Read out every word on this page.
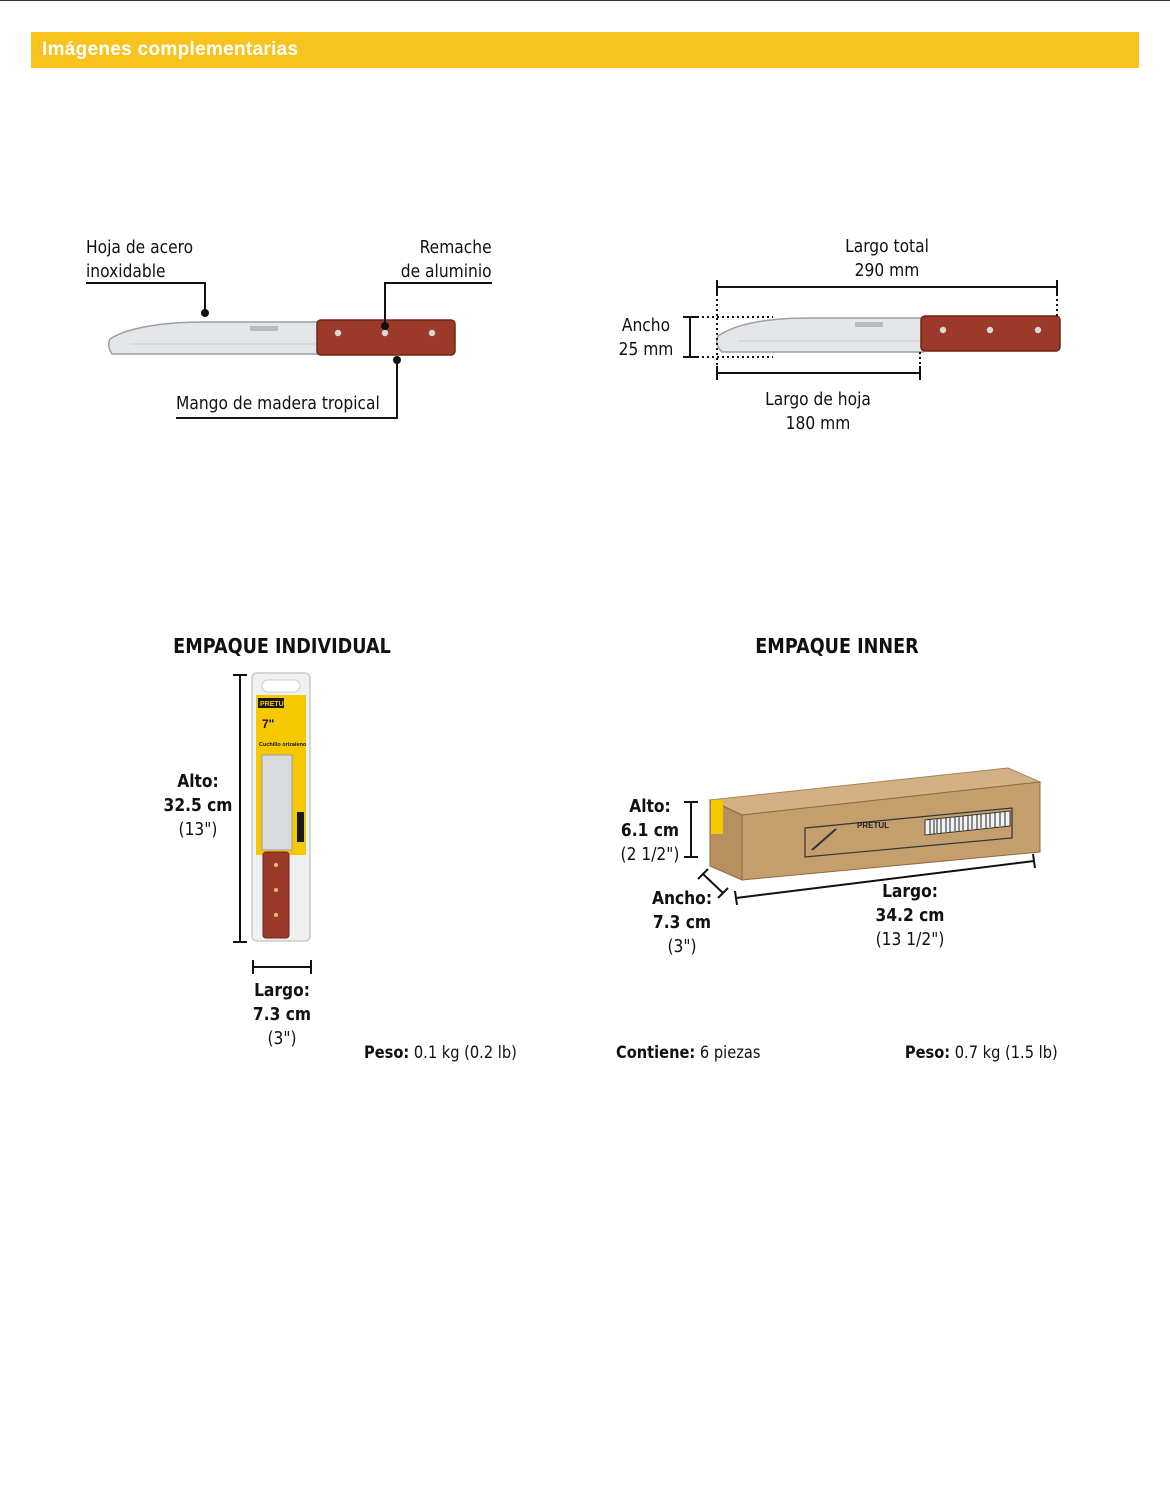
Imágenes complementarias
Hoja de acero
inoxidable
Remache
de aluminio
Mango de madera tropical
Largo total
290 mm
Ancho
25 mm
Largo de hoja
180 mm
EMPAQUE INDIVIDUAL
PRETUL
7"
Cuchillo orizaleno
Alto:
32.5 cm
(13")
Largo:
7.3 cm
(3")
Peso: 0.1 kg (0.2 lb)
EMPAQUE INNER
PRETUL
Alto:
6.1 cm
(2 1/2")
Ancho:
7.3 cm
(3")
Largo:
34.2 cm
(13 1/2")
Contiene: 6 piezas	Peso: 0.7 kg (1.5 lb)
